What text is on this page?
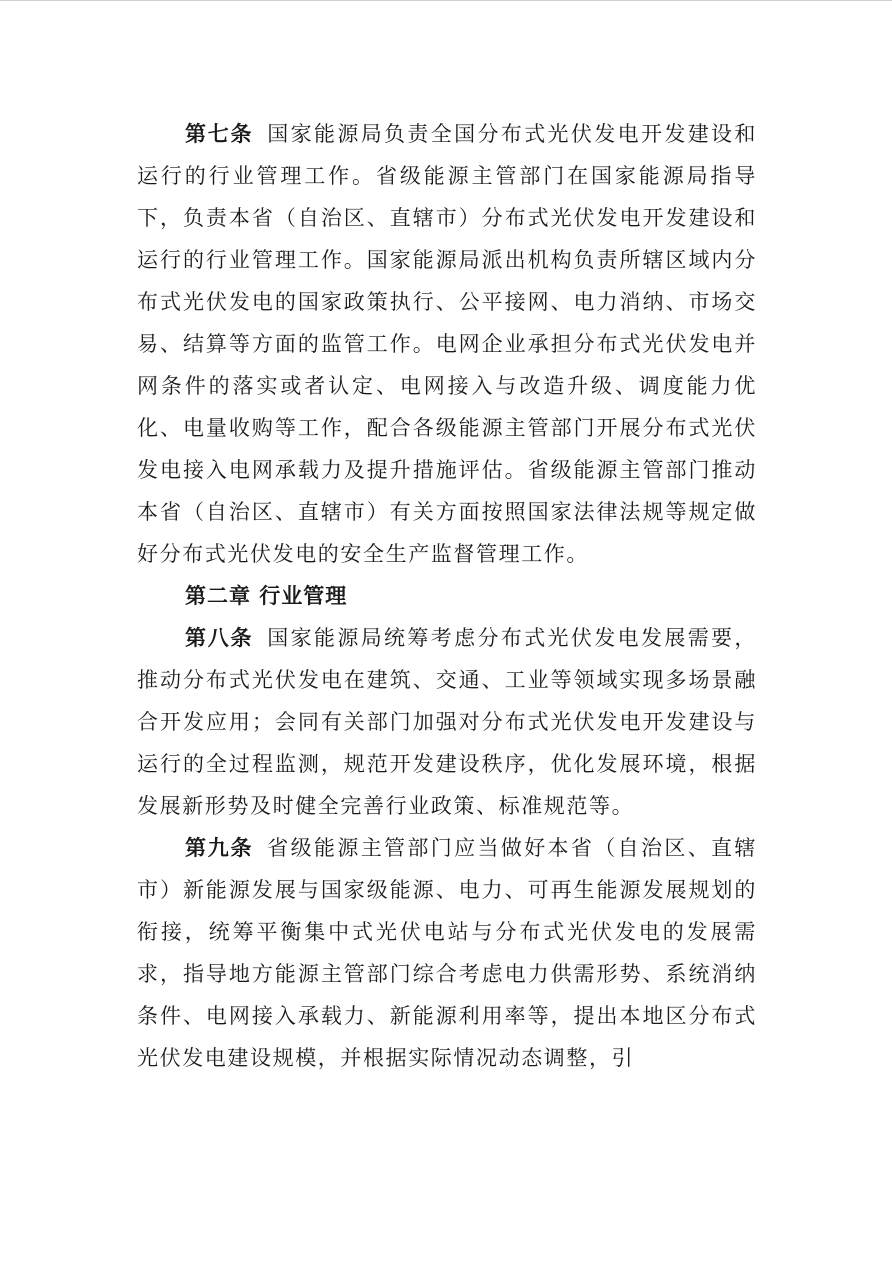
第七条 国家能源局负责全国分布式光伏发电开发建设和运行的行业管理工作。省级能源主管部门在国家能源局指导下，负责本省（自治区、直辖市）分布式光伏发电开发建设和运行的行业管理工作。国家能源局派出机构负责所辖区域内分布式光伏发电的国家政策执行、公平接网、电力消纳、市场交易、结算等方面的监管工作。电网企业承担分布式光伏发电并网条件的落实或者认定、电网接入与改造升级、调度能力优化、电量收购等工作，配合各级能源主管部门开展分布式光伏发电接入电网承载力及提升措施评估。省级能源主管部门推动本省（自治区、直辖市）有关方面按照国家法律法规等规定做好分布式光伏发电的安全生产监督管理工作。

第二章 行业管理

第八条 国家能源局统筹考虑分布式光伏发电发展需要，推动分布式光伏发电在建筑、交通、工业等领域实现多场景融合开发应用；会同有关部门加强对分布式光伏发电开发建设与运行的全过程监测，规范开发建设秩序，优化发展环境，根据发展新形势及时健全完善行业政策、标准规范等。

第九条 省级能源主管部门应当做好本省（自治区、直辖市）新能源发展与国家级能源、电力、可再生能源发展规划的衔接，统筹平衡集中式光伏电站与分布式光伏发电的发展需求，指导地方能源主管部门综合考虑电力供需形势、系统消纳条件、电网接入承载力、新能源利用率等，提出本地区分布式光伏发电建设规模，并根据实际情况动态调整，引
